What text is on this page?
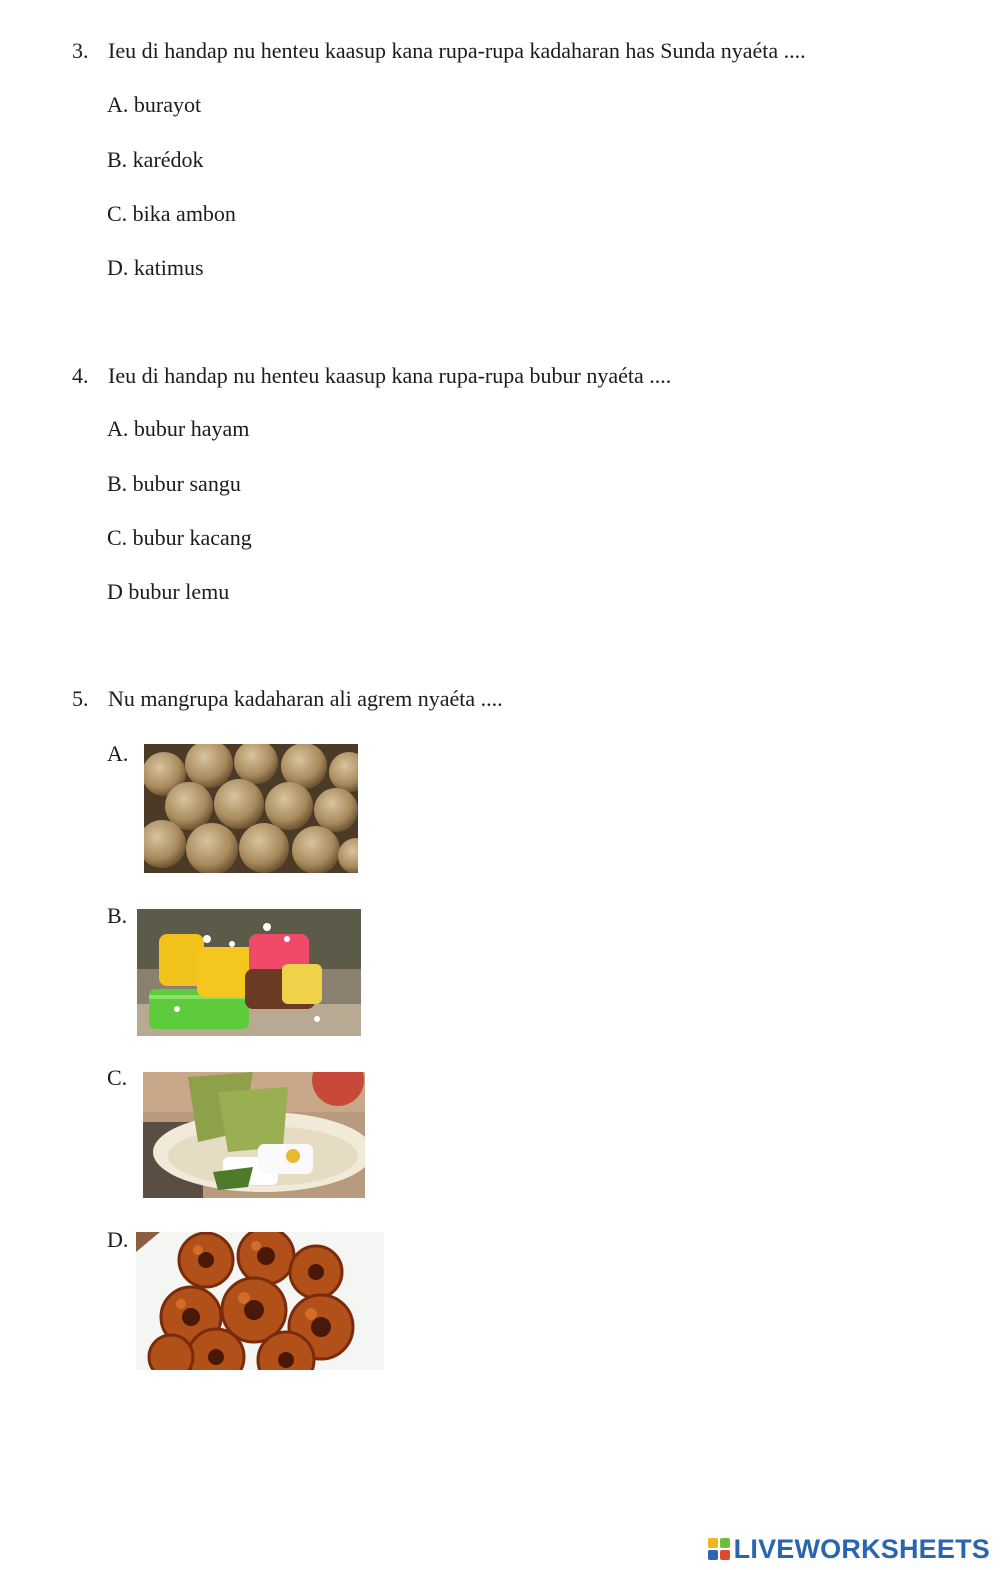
3. Ieu di handap nu henteu kaasup kana rupa-rupa kadaharan has Sunda nyaéta ....
A. burayot
B. karédok
C. bika ambon
D. katimus
4. Ieu di handap nu henteu kaasup kana rupa-rupa bubur nyaéta ....
A. bubur hayam
B. bubur sangu
C. bubur kacang
D bubur lemu
5. Nu mangrupa kadaharan ali agrem nyaéta ....
A.
B.
C.
D.
LIVEWORKSHEETS
